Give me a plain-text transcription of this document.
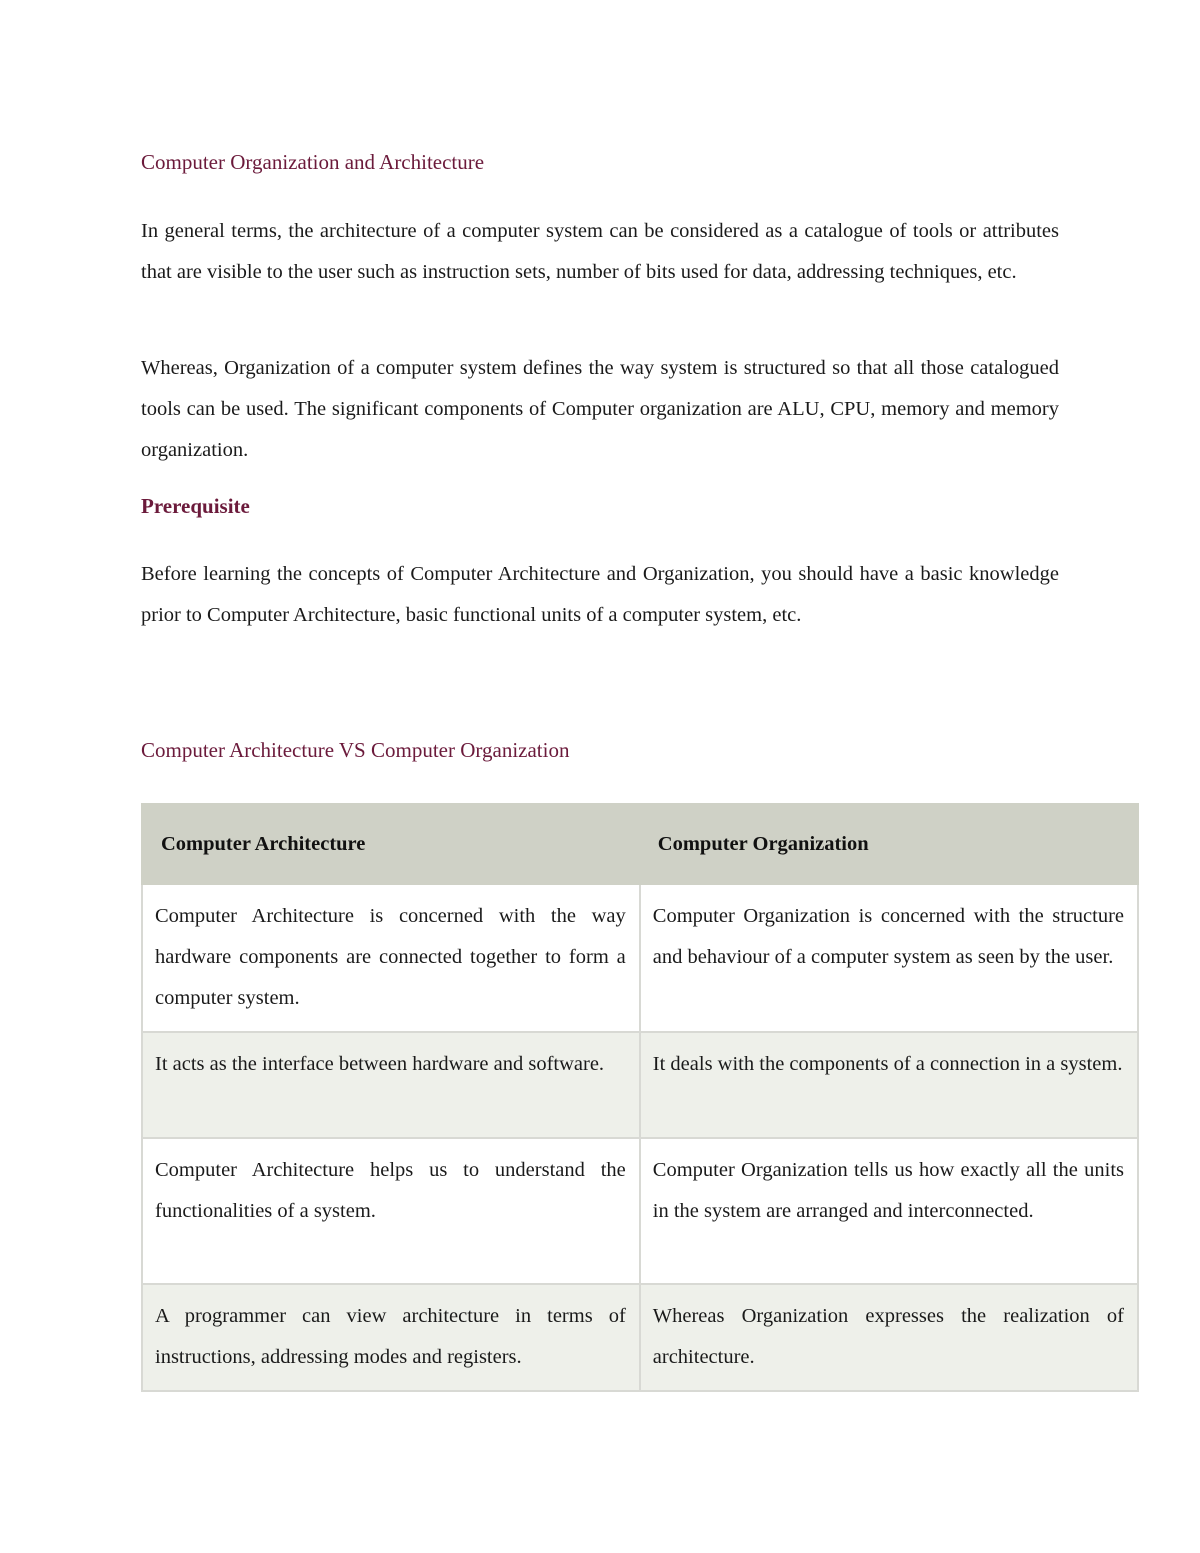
Computer Organization and Architecture

In general terms, the architecture of a computer system can be considered as a catalogue of tools or attributes that are visible to the user such as instruction sets, number of bits used for data, addressing techniques, etc.

Whereas, Organization of a computer system defines the way system is structured so that all those catalogued tools can be used. The significant components of Computer organization are ALU, CPU, memory and memory organization.

Prerequisite

Before learning the concepts of Computer Architecture and Organization, you should have a basic knowledge prior to Computer Architecture, basic functional units of a computer system, etc.

Computer Architecture VS Computer Organization
Computer Architecture	Computer Organization
Computer Architecture is concerned with the way hardware components are connected together to form a computer system.	Computer Organization is concerned with the structure and behaviour of a computer system as seen by the user.
It acts as the interface between hardware and software.	It deals with the components of a connection in a system.
Computer Architecture helps us to understand the functionalities of a system.	Computer Organization tells us how exactly all the units in the system are arranged and interconnected.
A programmer can view architecture in terms of instructions, addressing modes and registers.	Whereas Organization expresses the realization of architecture.
